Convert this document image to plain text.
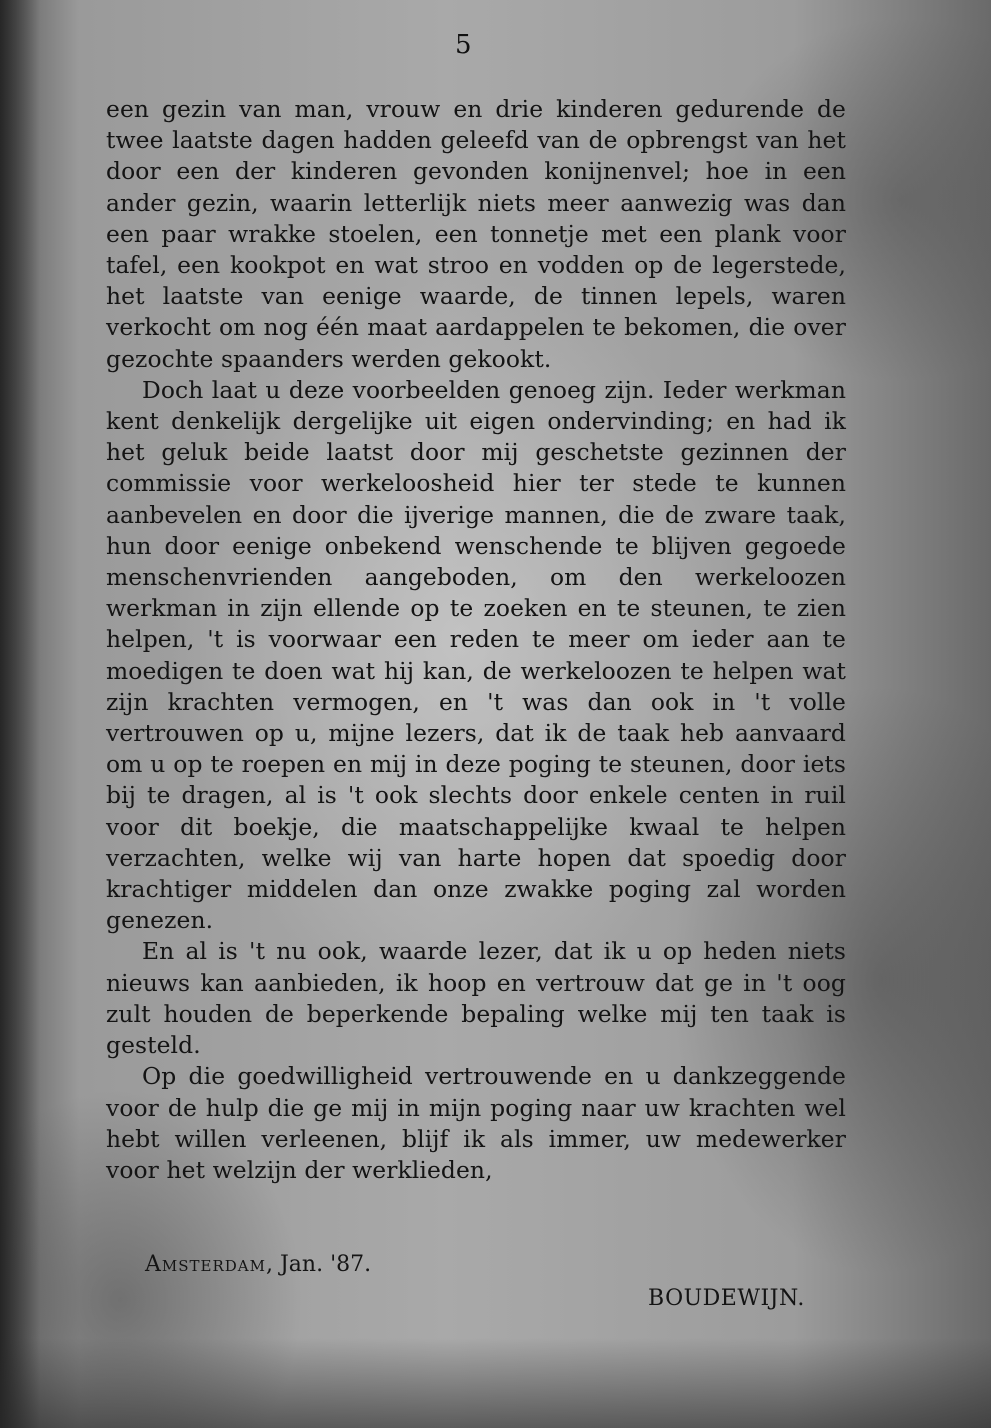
5

een gezin van man, vrouw en drie kinderen gedurende de twee laatste dagen hadden geleefd van de opbrengst van het door een der kinderen gevonden konijnenvel; hoe in een ander gezin, waarin letterlijk niets meer aanwezig was dan een paar wrakke stoelen, een tonnetje met een plank voor tafel, een kookpot en wat stroo en vodden op de legerstede, het laatste van eenige waarde, de tinnen lepels, waren verkocht om nog één maat aardappelen te bekomen, die over gezochte spaanders werden gekookt.

Doch laat u deze voorbeelden genoeg zijn. Ieder werkman kent denkelijk dergelijke uit eigen ondervinding; en had ik het geluk beide laatst door mij geschetste gezinnen der commissie voor werkeloosheid hier ter stede te kunnen aanbevelen en door die ijverige mannen, die de zware taak, hun door eenige onbekend wenschende te blijven gegoede menschenvrienden aangeboden, om den werkeloozen werkman in zijn ellende op te zoeken en te steunen, te zien helpen, 't is voorwaar een reden te meer om ieder aan te moedigen te doen wat hij kan, de werkeloozen te helpen wat zijn krachten vermogen, en 't was dan ook in 't volle vertrouwen op u, mijne lezers, dat ik de taak heb aanvaard om u op te roepen en mij in deze poging te steunen, door iets bij te dragen, al is 't ook slechts door enkele centen in ruil voor dit boekje, die maatschappelijke kwaal te helpen verzachten, welke wij van harte hopen dat spoedig door krachtiger middelen dan onze zwakke poging zal worden genezen.

En al is 't nu ook, waarde lezer, dat ik u op heden niets nieuws kan aanbieden, ik hoop en vertrouw dat ge in 't oog zult houden de beperkende bepaling welke mij ten taak is gesteld.

Op die goedwilligheid vertrouwende en u dankzeggende voor de hulp die ge mij in mijn poging naar uw krachten wel hebt willen verleenen, blijf ik als immer, uw medewerker voor het welzijn der werklieden,

Amsterdam, Jan. '87.
BOUDEWIJN.
